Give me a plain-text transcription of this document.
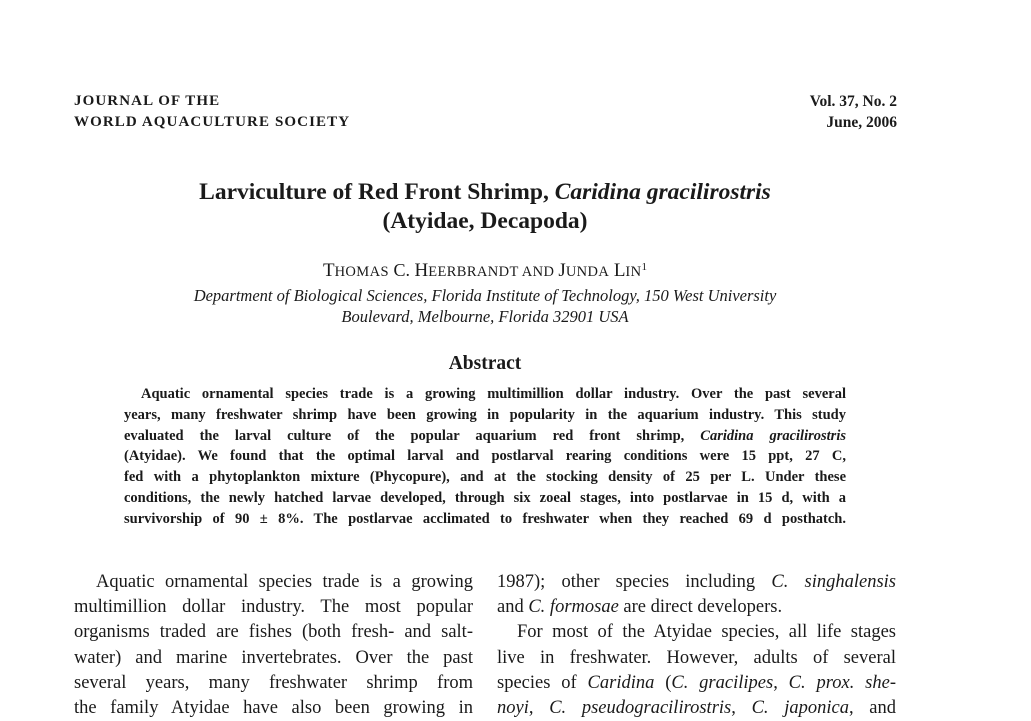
JOURNAL OF THE
WORLD AQUACULTURE SOCIETY
Vol. 37, No. 2
June, 2006
Larviculture of Red Front Shrimp, Caridina gracilirostris
(Atyidae, Decapoda)
THOMAS C. HEERBRANDT AND JUNDA LIN$^1$
Department of Biological Sciences, Florida Institute of Technology, 150 West University
Boulevard, Melbourne, Florida 32901 USA
Abstract
Aquatic ornamental species trade is a growing multimillion dollar industry. Over the past several
years, many freshwater shrimp have been growing in popularity in the aquarium industry. This study
evaluated the larval culture of the popular aquarium red front shrimp, Caridina gracilirostris
(Atyidae). We found that the optimal larval and postlarval rearing conditions were 15 ppt, 27 C,
fed with a phytoplankton mixture (Phycopure), and at the stocking density of 25 per L. Under these
conditions, the newly hatched larvae developed, through six zoeal stages, into postlarvae in 15 d, with a
survivorship of 90 ± 8%. The postlarvae acclimated to freshwater when they reached 69 d posthatch.
Aquatic ornamental species trade is a growing
multimillion dollar industry. The most popular
organisms traded are fishes (both fresh- and salt-
water) and marine invertebrates. Over the past
several years, many freshwater shrimp from
the family Atyidae have also been growing in
1987); other species including C. singhalensis
and C. formosae are direct developers.
For most of the Atyidae species, all life stages
live in freshwater. However, adults of several
species of Caridina (C. gracilipes, C. prox. she-
noyi, C. pseudogracilirostris, C. japonica, and
